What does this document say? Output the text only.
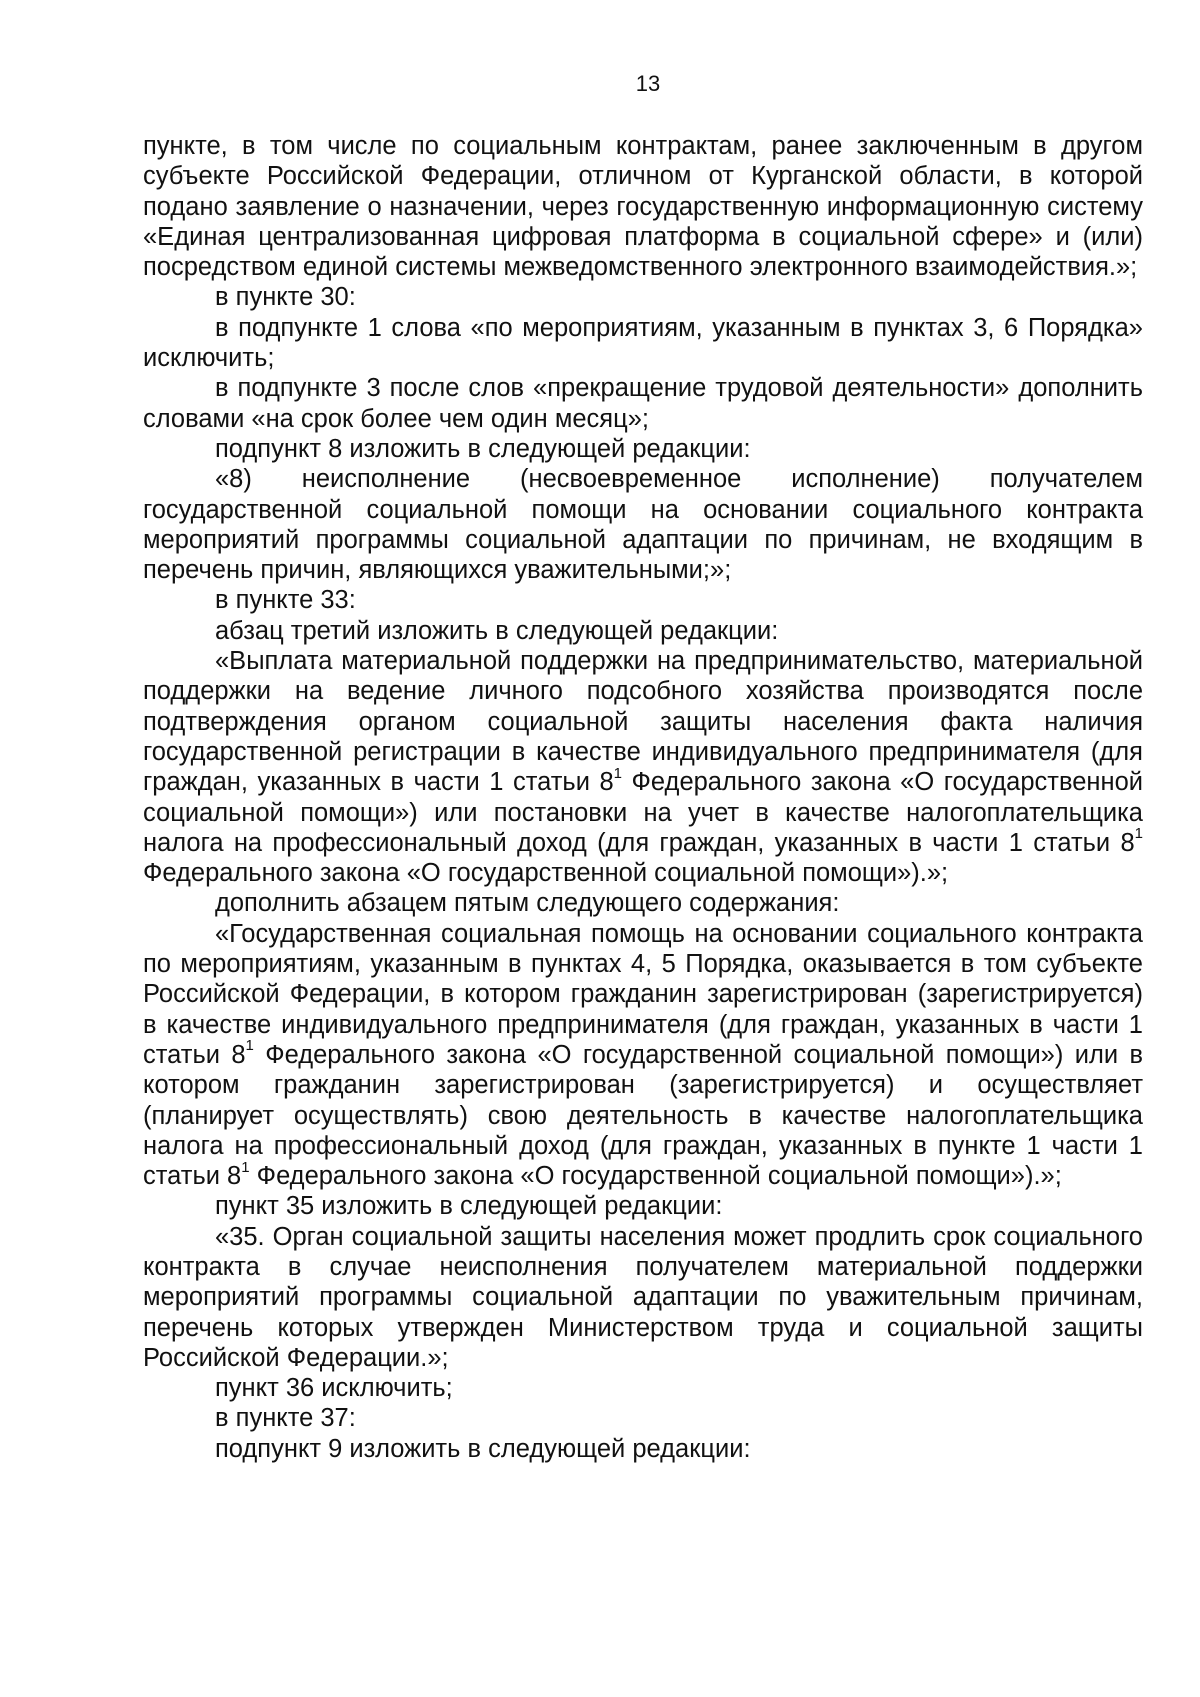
13

пункте, в том числе по социальным контрактам, ранее заключенным в другом субъекте Российской Федерации, отличном от Курганской области, в которой подано заявление о назначении, через государственную информационную систему «Единая централизованная цифровая платформа в социальной сфере» и (или) посредством единой системы межведомственного электронного взаимодействия.»;

в пункте 30:

в подпункте 1 слова «по мероприятиям, указанным в пунктах 3, 6 Порядка» исключить;

в подпункте 3 после слов «прекращение трудовой деятельности» дополнить словами «на срок более чем один месяц»;

подпункт 8 изложить в следующей редакции:

«8) неисполнение (несвоевременное исполнение) получателем государственной социальной помощи на основании социального контракта мероприятий программы социальной адаптации по причинам, не входящим в перечень причин, являющихся уважительными;»;

в пункте 33:

абзац третий изложить в следующей редакции:

«Выплата материальной поддержки на предпринимательство, материальной поддержки на ведение личного подсобного хозяйства производятся после подтверждения органом социальной защиты населения факта наличия государственной регистрации в качестве индивидуального предпринимателя (для граждан, указанных в части 1 статьи $8^1$ Федерального закона «О государственной социальной помощи») или постановки на учет в качестве налогоплательщика налога на профессиональный доход (для граждан, указанных в части 1 статьи $8^1$ Федерального закона «О государственной социальной помощи»).»;

дополнить абзацем пятым следующего содержания:

«Государственная социальная помощь на основании социального контракта по мероприятиям, указанным в пунктах 4, 5 Порядка, оказывается в том субъекте Российской Федерации, в котором гражданин зарегистрирован (зарегистрируется) в качестве индивидуального предпринимателя (для граждан, указанных в части 1 статьи $8^1$ Федерального закона «О государственной социальной помощи») или в котором гражданин зарегистрирован (зарегистрируется) и осуществляет (планирует осуществлять) свою деятельность в качестве налогоплательщика налога на профессиональный доход (для граждан, указанных в пункте 1 части 1 статьи $8^1$ Федерального закона «О государственной социальной помощи»).»;

пункт 35 изложить в следующей редакции:

«35. Орган социальной защиты населения может продлить срок социального контракта в случае неисполнения получателем материальной поддержки мероприятий программы социальной адаптации по уважительным причинам, перечень которых утвержден Министерством труда и социальной защиты Российской Федерации.»;

пункт 36 исключить;

в пункте 37:

подпункт 9 изложить в следующей редакции:
